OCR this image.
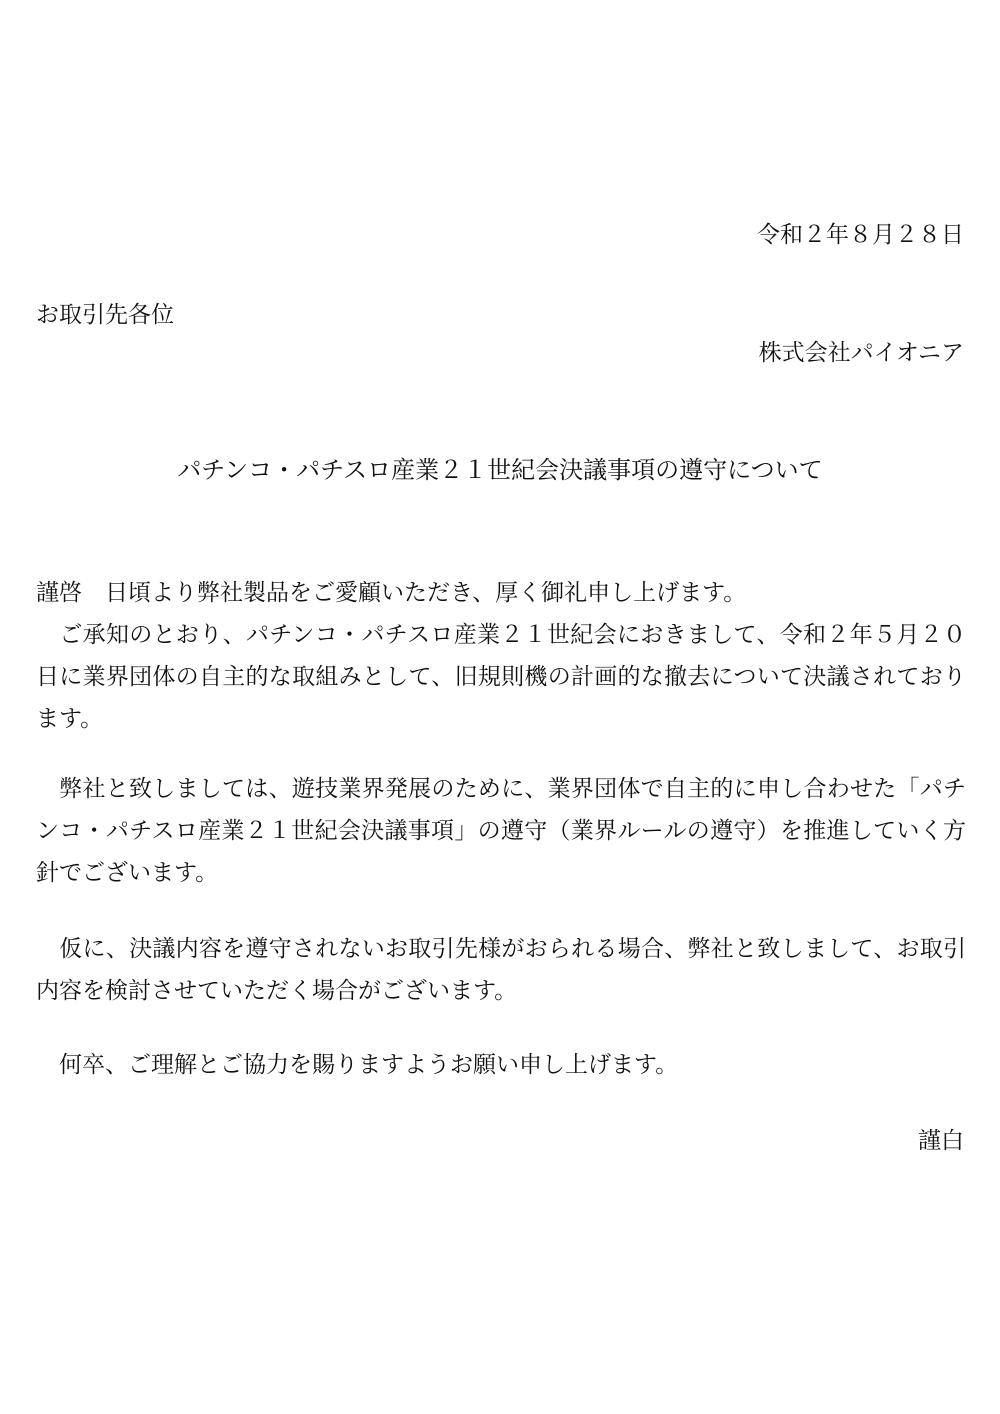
令和２年８月２８日
お取引先各位
株式会社パイオニア
パチンコ・パチスロ産業２１世紀会決議事項の遵守について
謹啓　日頃より弊社製品をご愛顧いただき、厚く御礼申し上げます。
ご承知のとおり、パチンコ・パチスロ産業２１世紀会におきまして、令和２年５月２０日に業界団体の自主的な取組みとして、旧規則機の計画的な撤去について決議されております。
弊社と致しましては、遊技業界発展のために、業界団体で自主的に申し合わせた「パチンコ・パチスロ産業２１世紀会決議事項」の遵守（業界ルールの遵守）を推進していく方針でございます。
仮に、決議内容を遵守されないお取引先様がおられる場合、弊社と致しまして、お取引内容を検討させていただく場合がございます。
何卒、ご理解とご協力を賜りますようお願い申し上げます。
謹白
